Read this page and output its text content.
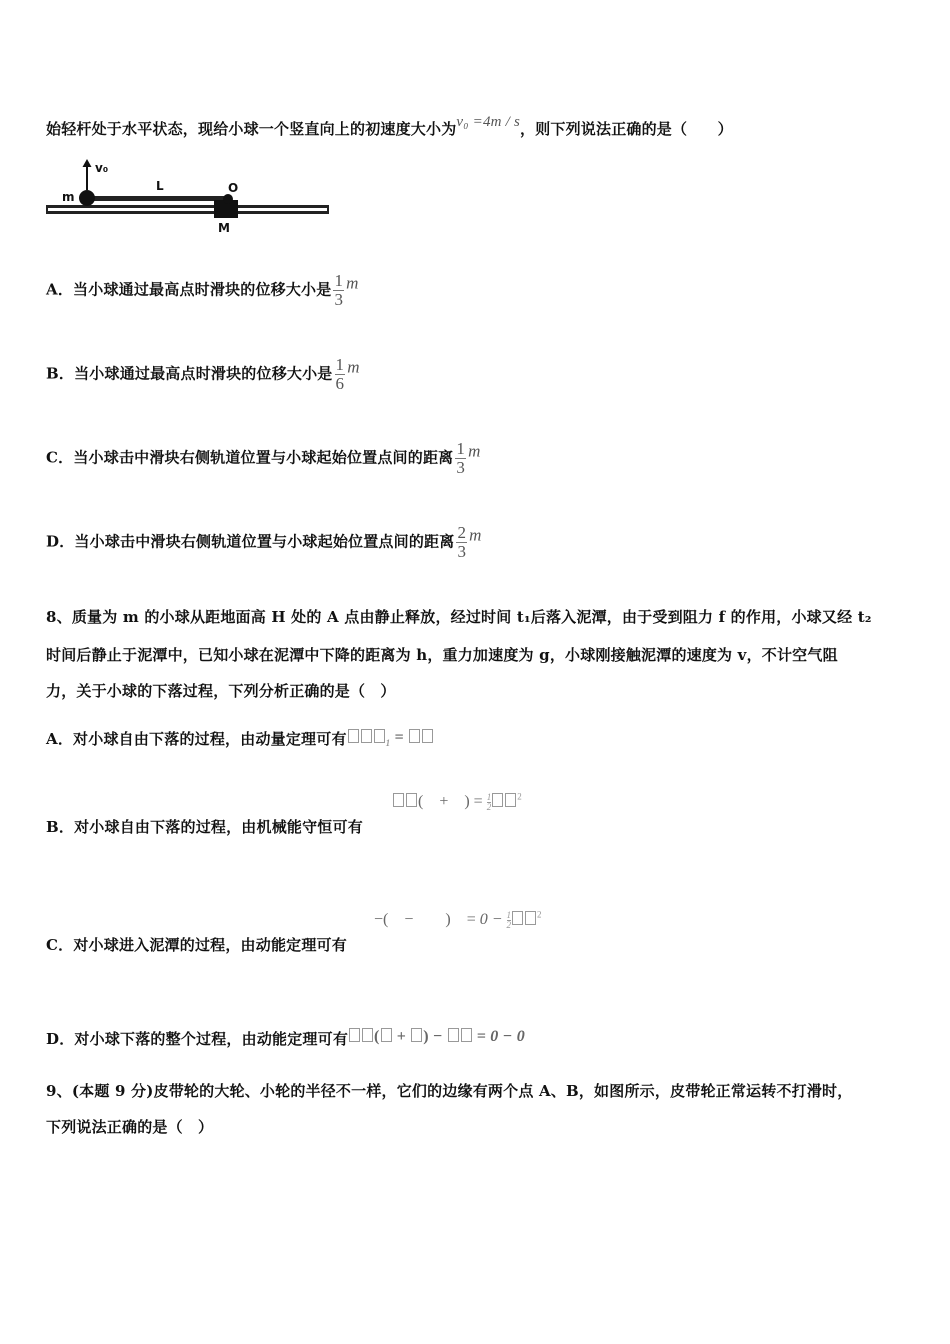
始轻杆处于水平状态，现给小球一个竖直向上的初速度大小为v₀ =4m / s，则下列说法正确的是（　　）
v₀
m
L	O
M
A．当小球通过最高点时滑块的位移大小是 $\frac{1}{3}$ m
B．当小球通过最高点时滑块的位移大小是 $\frac{1}{6}$ m
C．当小球击中滑块右侧轨道位置与小球起始位置点间的距离 $\frac{1}{3}$ m
D．当小球击中滑块右侧轨道位置与小球起始位置点间的距离 $\frac{2}{3}$ m
8、质量为 m 的小球从距地面高 H 处的 A 点由静止释放，经过时间 t₁后落入泥潭，由于受到阻力 f 的作用，小球又经 t₂
时间后静止于泥潭中，已知小球在泥潭中下降的距离为 h，重力加速度为 g，小球刚接触泥潭的速度为 v，不计空气阻
力，关于小球的下落过程，下列分析正确的是（　）
A．对小球自由下落的过程，由动量定理可有	$_1$ =
(　+　) = $\frac{1}{2}$	$^2$
B．对小球自由下落的过程，由机械能守恒可有
−(　−　　)　= $0 - \frac{1}{2}$	$^2$
C．对小球进入泥潭的过程，由动能定理可有
D．对小球下落的整个过程，由动能定理可有 ( + ) −  = 0 − 0
9、(本题 9 分)皮带轮的大轮、小轮的半径不一样，它们的边缘有两个点 A、B，如图所示，皮带轮正常运转不打滑时，
下列说法正确的是（　）
